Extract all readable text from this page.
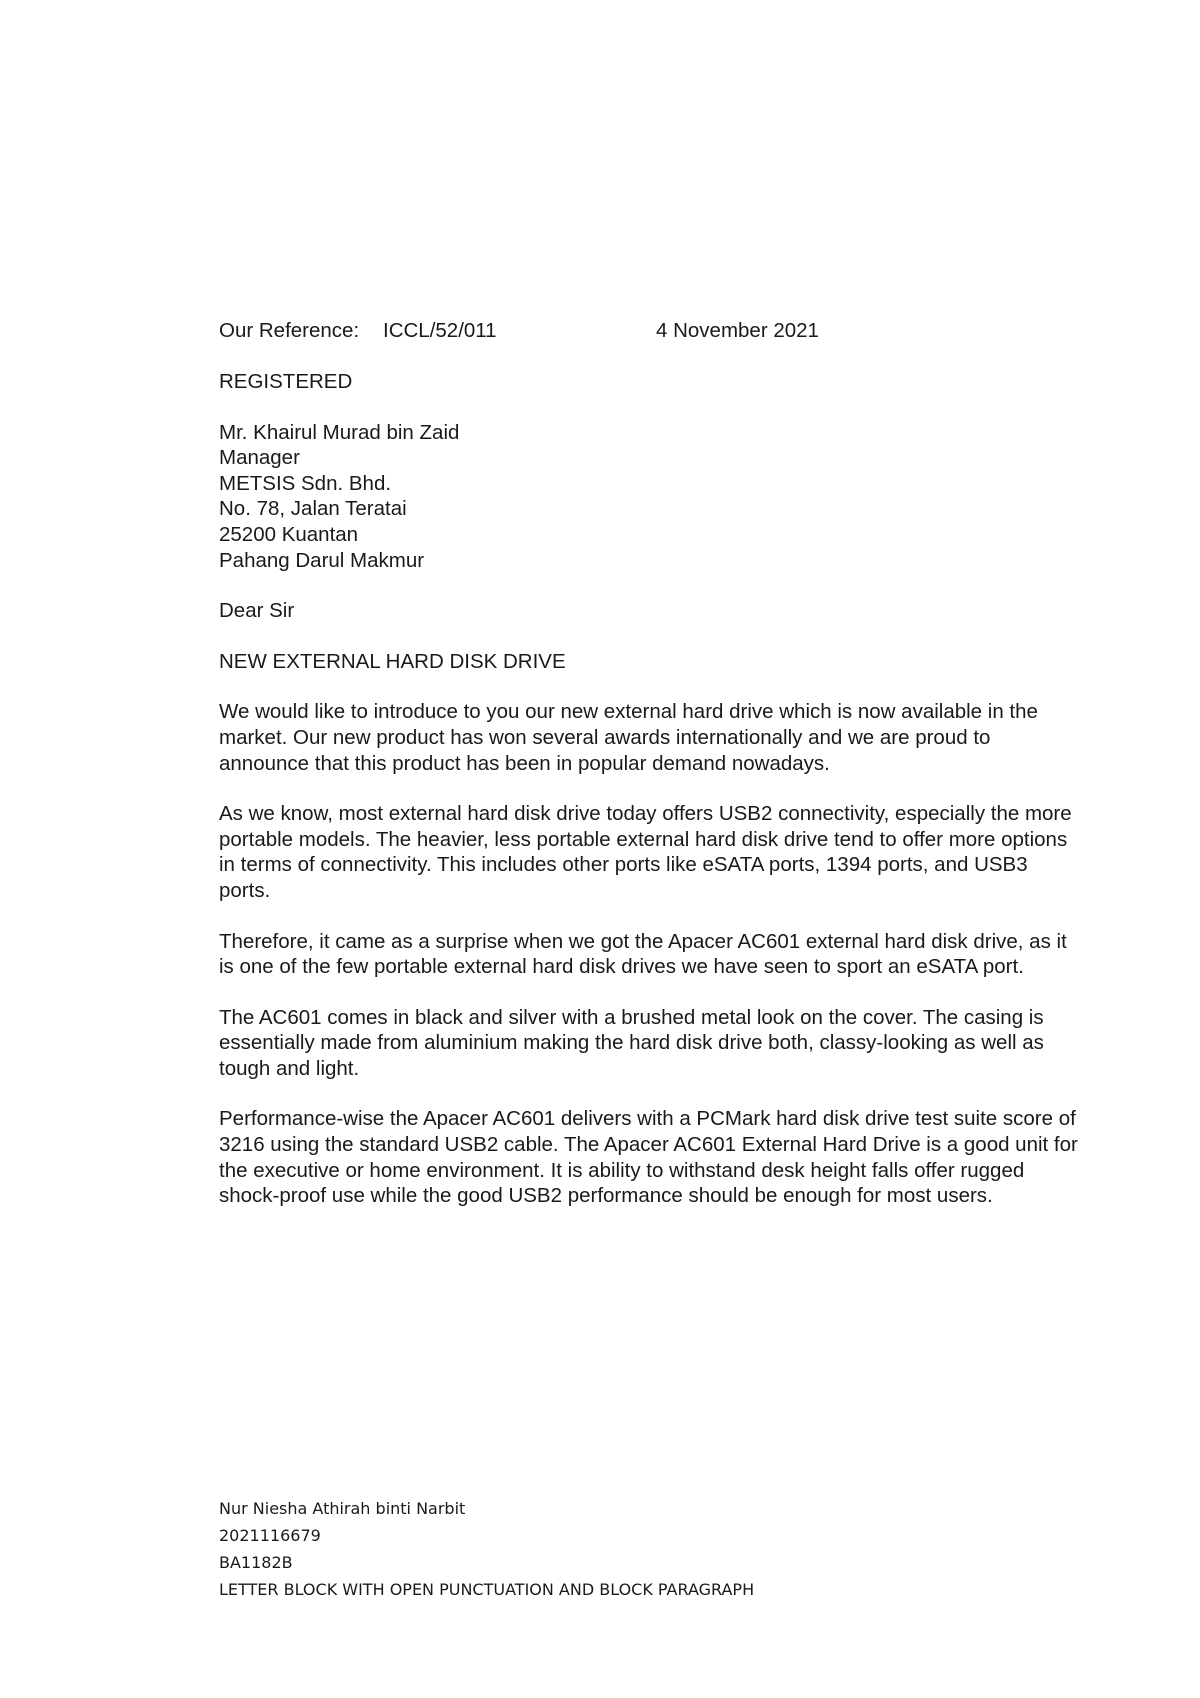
Our Reference: ICCL/52/011	4 November 2021
REGISTERED
Mr. Khairul Murad bin Zaid
Manager
METSIS Sdn. Bhd.
No. 78, Jalan Teratai
25200 Kuantan
Pahang Darul Makmur
Dear Sir
NEW EXTERNAL HARD DISK DRIVE

We would like to introduce to you our new external hard drive which is now available in the market. Our new product has won several awards internationally and we are proud to announce that this product has been in popular demand nowadays.

As we know, most external hard disk drive today offers USB2 connectivity, especially the more portable models. The heavier, less portable external hard disk drive tend to offer more options in terms of connectivity. This includes other ports like eSATA ports, 1394 ports, and USB3 ports.

Therefore, it came as a surprise when we got the Apacer AC601 external hard disk drive, as it is one of the few portable external hard disk drives we have seen to sport an eSATA port.

The AC601 comes in black and silver with a brushed metal look on the cover. The casing is essentially made from aluminium making the hard disk drive both, classy-looking as well as tough and light.

Performance-wise the Apacer AC601 delivers with a PCMark hard disk drive test suite score of 3216 using the standard USB2 cable. The Apacer AC601 External Hard Drive is a good unit for the executive or home environment. It is ability to withstand desk height falls offer rugged shock-proof use while the good USB2 performance should be enough for most users.

Nur Niesha Athirah binti Narbit
2021116679
BA1182B
LETTER BLOCK WITH OPEN PUNCTUATION AND BLOCK PARAGRAPH
